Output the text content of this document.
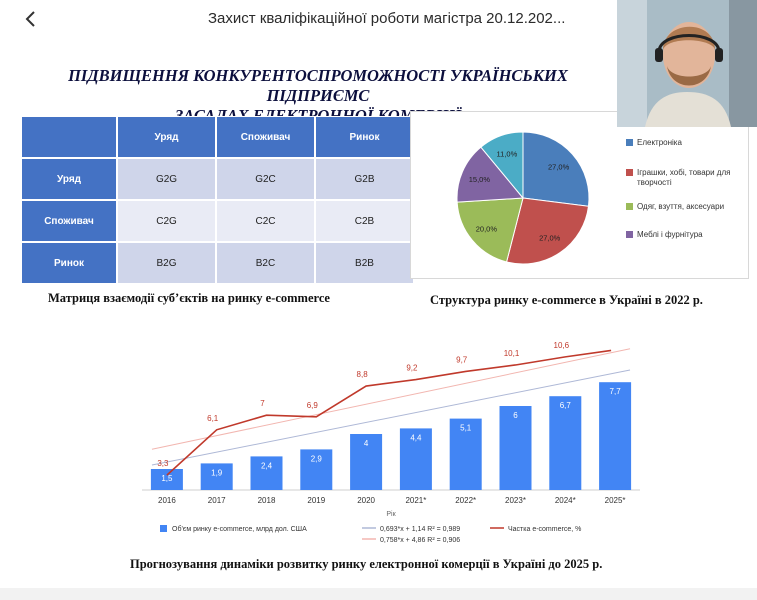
Захист кваліфікаційної роботи магістра 20.12.202...
ПІДВИЩЕННЯ КОНКУРЕНТОСПРОМОЖНОСТІ УКРАЇНСЬКИХ ПІДПРИЄМС
	Уряд	Споживач	Ринок
Уряд	G2G	G2C	G2B
Споживач	C2G	C2C	C2B
Ринок	B2G	B2C	B2B
Матриця взаємодії суб’єктів на ринку e-commerce
27,0%
27,0%
20,0%
15,0%
11,0%
Електроніка
Іграшки, хобі, товари для творчості
Одяг, взуття, аксесуари
Меблі і фурнітура
Структура ринку e-commerce в Україні в 2022 р.
1,5
2016
1,9
2017
2,4
2018
2,9
2019
4
2020
4,4
2021*
5,1
2022*
6
2023*
6,7
2024*
7,7
2025*
3,3
6,1
7	6,9
8,8
9,2
9,7
10,1
10,6
Рік
Об'єм ринку e-commerce, млрд дол. США	0,693*x + 1,14 R² = 0,989	Частка e-commerce, %
0,758*x + 4,86 R² = 0,906
Прогнозування динаміки розвитку ринку електронної комерції в Україні до 2025 р.
